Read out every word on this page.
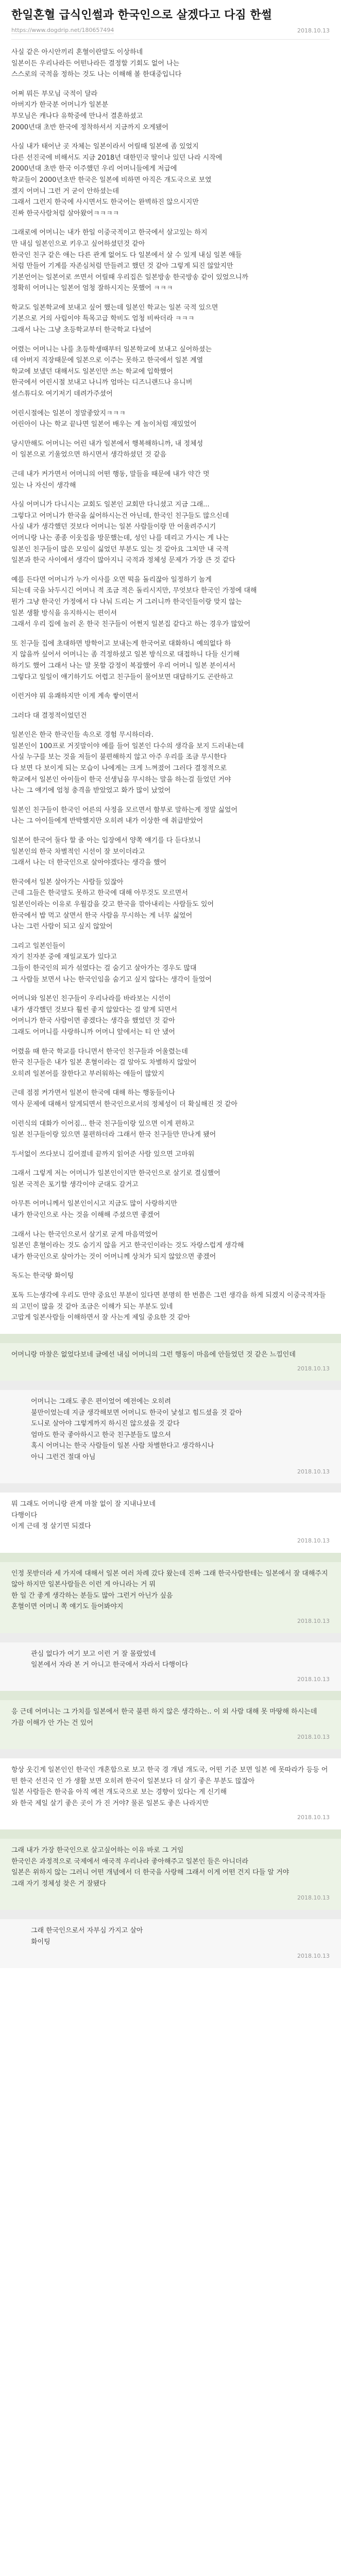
한일혼혈 급식인썰과 한국인으로 살겠다고 다짐 한썰
https://www.dogdrip.net/180657494	2018.10.13
사실 같은 아시안끼리 혼혈이란말도 이상하네
일본이든 우리나라든 어떤나라든 결정할 기회도 없어 나는
스스로의 국적을 정하는 것도 나는 이해해 볼 한대중입니다
어쩌 뭐든 부모님 국적이 달라
아버지가 한국분 어머니가 일본분
부모님은 캐나다 유학중에 만나서 결혼하셨고
2000년대 초반 한국에 정착하셔서 지금까지 오게됐어
사실 내가 태어난 곳 자체는 일본이라서 어릴때 일본에 좀 있었지
다른 선진국에 비해서도 지금 2018년 대한민국 딸이나 있던 나라 시작에
2000년대 초반 한국 이주했던 우리 어머니들에게 저급에
학교들이 2000년초반 한국은 일본에 비하면 아직은 개도국으로 보였
겠지 어머니 그런 거 굳이 안하셨는데
그래서 그런지 한국에 사시면서도 한국어는 완벽하진 않으시지만
진짜 한국사람처럼 살아왔어ㅋㅋㅋㅋ
그래로에 어머니는 내가 한일 이중국적이고 한국에서 살고있는 하지
만 내심 일본인으로 키우고 싶어하셨던것 같아
한국인 친구 같은 애는 다른 관계 없어도 다 일본에서 살 수 있게 내심 일본 애들
처럼 만들어 기계를 자존심처럼 만들려고 했던 것 같아 그렇게 되진 않았지만
기본언어는 일본어로 쓰면서 어릴때 우리집은 일본방송 한국방송 같이 있었으니까
정확히 어머니는 일본어 엄청 잘하시지는 못했어 ㅋㅋㅋ
학교도 일본학교에 보내고 싶어 했는데 일본인 학교는 일본 국적 있으면
기본으로 거의 사립이야 특목고급 학비도 엄청 비싸더라 ㅋㅋㅋ
그래서 나는 그냥 초등학교부터 한국학교 다녔어
어렸는 어머니는 나를 초등학생때부터 일본학교에 보내고 싶어하셨는
데 아버지 직장때문에 일본으로 이주는 못하고 한국에서 일본 계열
학교에 보냈던 대해서도 일본인만 쓰는 학교에 입학했어
한국에서 어린시절 보내고 나니까 엄마는 디즈니랜드나 유니버
셜스튜디오 여기저기 데려가주셨어
어린시절에는 일본이 정말좋았지ㅋㅋㅋ
어린아이 나는 학교 끝나면 일본어 배우는 게 놀이처럼 재밌었어
당시만해도 어머니는 어린 내가 일본에서 행복해하니까, 내 정체성
이 일본으로 기울었으면 하시면서 생각하셨던 것 같음
근데 내가 커가면서 어머니의 어떤 행동, 말들을 때문에 내가 약간 멋
있는 나 자신이 생각해
사실 어머니가 다니시는 교회도 일본인 교회만 다니셨고 지금 그래...
그렇다고 어머니가 한국을 싫어하시는건 아닌데, 한국인 친구들도 많으신데
사실 내가 생각했던 것보다 어머니는 일본 사람들이랑 만 어울려주시기
어머니랑 나는 종종 이웃집을 방문했는데, 성인 나를 데리고 가시는 게 나는
일본인 친구들이 많은 모임이 싫었던 부분도 있는 것 같아요 그치만 내 국적
일본과 한국 사이에서 생각이 많아지니 국적과 정체성 문제가 가장 큰 것 같다
예를 든다면 어머니가 누가 이사를 오면 떡을 돌리잖아 일정하기 놀게
되는데 국을 놔두시긴 어머니 적 조금 적은 돌리시지만, 무엇보다 한국인 가정에 대해
뭔가 그냥 한국인 가정에서 다 나눠 드리는 거 그러니까 한국인들이랑 맞지 않는
일본 생활 방식을 유지하시는 편이셔
그래서 우리 집에 놀러 온 한국 친구들이 어쩐지 일본집 같다고 하는 경우가 많았어
또 친구들 집에 초대하면 방학이고 보내는게 한국어로 대화하니 예의없다 하
지 않을까 싶어서 어머니는 좀 걱정하셨고 일본 방식으로 대접하니 다들 신기해
하기도 했어 그래서 나는 말 못할 감정이 복잡했어 우리 어머니 일본 분이셔서
그렇다고 일일이 얘기하기도 어렵고 친구들이 물어보면 대답하기도 곤란하고
이런거야 뭐 유쾌하지만 이게 계속 쌓이면서
그러다 대 결정적이었던건
일본인은 한국 한국인들 속으로 경험 무시하더라.
일본인이 100프로 거짓말이야 예를 들어 일본인 다수의 생각을 보지 드러내는데
사실 누구를 보는 것을 저들이 불편해하지 않고 아주 우리를 조금 무시한다
다 보면 다 보이게 되는 모습이 나에게는 크게 느껴졌어 그러다 결정적으로
학교에서 일본인 아이들이 한국 선생님을 무시하는 말을 하는걸 들었던 거야
나는 그 얘기에 엄청 충격을 받았었고 화가 많이 났었어
일본인 친구들이 한국인 어른의 사정을 모르면서 함부로 말하는게 정말 싫었어
나는 그 아이들에게 반박했지만 오히려 내가 이상한 애 취급받았어
일본어 한국어 둘다 할 줄 아는 입장에서 양쪽 얘기를 다 듣다보니
일본인의 한국 차별적인 시선이 잘 보이더라고
그래서 나는 더 한국인으로 살아야겠다는 생각을 했어
한국에서 일본 살아가는 사람들 있잖아
근데 그들은 한국말도 못하고 한국에 대해 아무것도 모르면서
일본인이라는 이유로 우월감을 갖고 한국을 깎아내리는 사람들도 있어
한국에서 밥 먹고 살면서 한국 사람을 무시하는 게 너무 싫었어
나는 그런 사람이 되고 싶지 않았어
그리고 일본인들이
자기 친자분 중에 재일교포가 있다고
그들이 한국인의 피가 섞였다는 걸 숨기고 살아가는 경우도 많대
그 사람들 보면서 나는 한국인임을 숨기고 싶지 않다는 생각이 들었어
어머니와 일본인 친구들이 우리나라를 바라보는 시선이
내가 생각했던 것보다 훨씬 좋지 않았다는 걸 알게 되면서
어머니가 한국 사람이면 좋겠다는 생각을 했었던 것 같아
그래도 어머니를 사랑하니까 어머니 앞에서는 티 안 냈어
어렸을 때 한국 학교를 다니면서 한국인 친구들과 어울렸는데
한국 친구들은 내가 일본 혼혈이라는 걸 알아도 차별하지 않았어
오히려 일본어를 잘한다고 부러워하는 애들이 많았지
근데 점점 커가면서 일본이 한국에 대해 하는 행동들이나
역사 문제에 대해서 알게되면서 한국인으로서의 정체성이 더 확실해진 것 같아
이런식의 대화가 이어짐... 한국 친구들이랑 있으면 이게 편하고
일본 친구들이랑 있으면 불편하더라 그래서 한국 친구들만 만나게 됐어
두서없이 쓰다보니 길어졌네 끝까지 읽어준 사람 있으면 고마워
그래서 그렇게 저는 어머니가 일본인이지만 한국인으로 살기로 결심했어
일본 국적은 포기할 생각이야 군대도 갈거고
아무튼 어머니께서 일본인이시고 지금도 많이 사랑하지만
내가 한국인으로 사는 것을 이해해 주셨으면 좋겠어
그래서 나는 한국인으로서 살기로 굳게 마음먹었어
일본인 혼혈이라는 것도 숨기지 않을 거고 한국인이라는 것도 자랑스럽게 생각해
내가 한국인으로 살아가는 것이 어머니께 상처가 되지 않았으면 좋겠어
독도는 한국땅 화이팅
포독 드는생각에 우리도 만약 중요인 부분이 있다면 분명히 한 번쯤은 그런 생각을 하게 되겠지 이중국적자들의 고민이 많을 것 같아 조금은 이해가 되는 부분도 있네
고맙게 일본사람들 이해하면서 잘 사는게 제일 중요한 것 같아
어머니랑 마찰은 없었다보네 글에선 내심 어머니의 그런 행동이 마음에 안들었던 것 같은 느낌인데
2018.10.13
어머니는 그래도 좋은 편이었어 예전에는 오히려
불만이었는데 지금 생각해보면 어머니도 한국이 낯설고 힘드셨을 것 같아
도니로 살아야 그렇게까지 하시진 않으셨을 것 같다
엄마도 한국 좋아하시고 한국 친구분들도 많으셔
혹시 어머니는 한국 사람들이 일본 사람 차별한다고 생각하시나
아니 그런건 절대 아님
2018.10.13
뭐 그래도 어머니랑 관계 마찰 없이 잘 지내나보네
다행이다
이게 근데 정 살기면 되겠다
2018.10.13
인정 못받더라 세 가지에 대해서 일본 여러 차례 갔다 왔는데 진짜 그래 한국사람한테는 일본에서 잘 대해주지 않아 하지만 일본사람들은 이런 게 아니라는 거 뭐
한 일 간 좋게 생각하는 분들도 많아 그런거 아닌가 싶음
혼혈이면 어머니 쪽 얘기도 들어봐야지
2018.10.13
관심 없다가 여기 보고 이런 거 잘 몰랐었네
일본에서 자라 본 거 아니고 한국에서 자라서 다행이다
2018.10.13
응 근데 어머니는 그 가치를 일본에서 한국 불편 하지 않은 생각하는.. 이 외 사람 대해 못 마땅해 하시는데
가끔 이해가 안 가는 건 있어
2018.10.13
항상 웃긴게 일본인인 한국인 개혼합으로 보고 한국 경 개념 개도국, 어떤 기준 보면 일본 에 못따라가 등등 어떤 한국 선진국 인 가 생활 보면 오히려 한국이 일본보다 더 살기 좋은 부분도 많잖아
일본 사람들은 한국을 아직 예전 개도국으로 보는 경향이 있다는 게 신기해
와 한국 제일 살기 좋은 곳이 가 진 거야? 물론 일본도 좋은 나라지만
2018.10.13
그래 내가 가장 한국인으로 살고싶어하는 이유 바로 그 거임
한국인은 과정적으로 국제에서 애국적 우리나라 좋아해주고 일본인 들은 아니더라
일본은 위하지 않는 그러니 어떤 개념에서 더 한국을 사랑해 그래서 이게 어떤 건지 다들 알 거야
그래 자기 정체성 찾은 거 잘됐다
2018.10.13
그래 한국인으로서 자부심 가지고 살아
화이팅
2018.10.13
